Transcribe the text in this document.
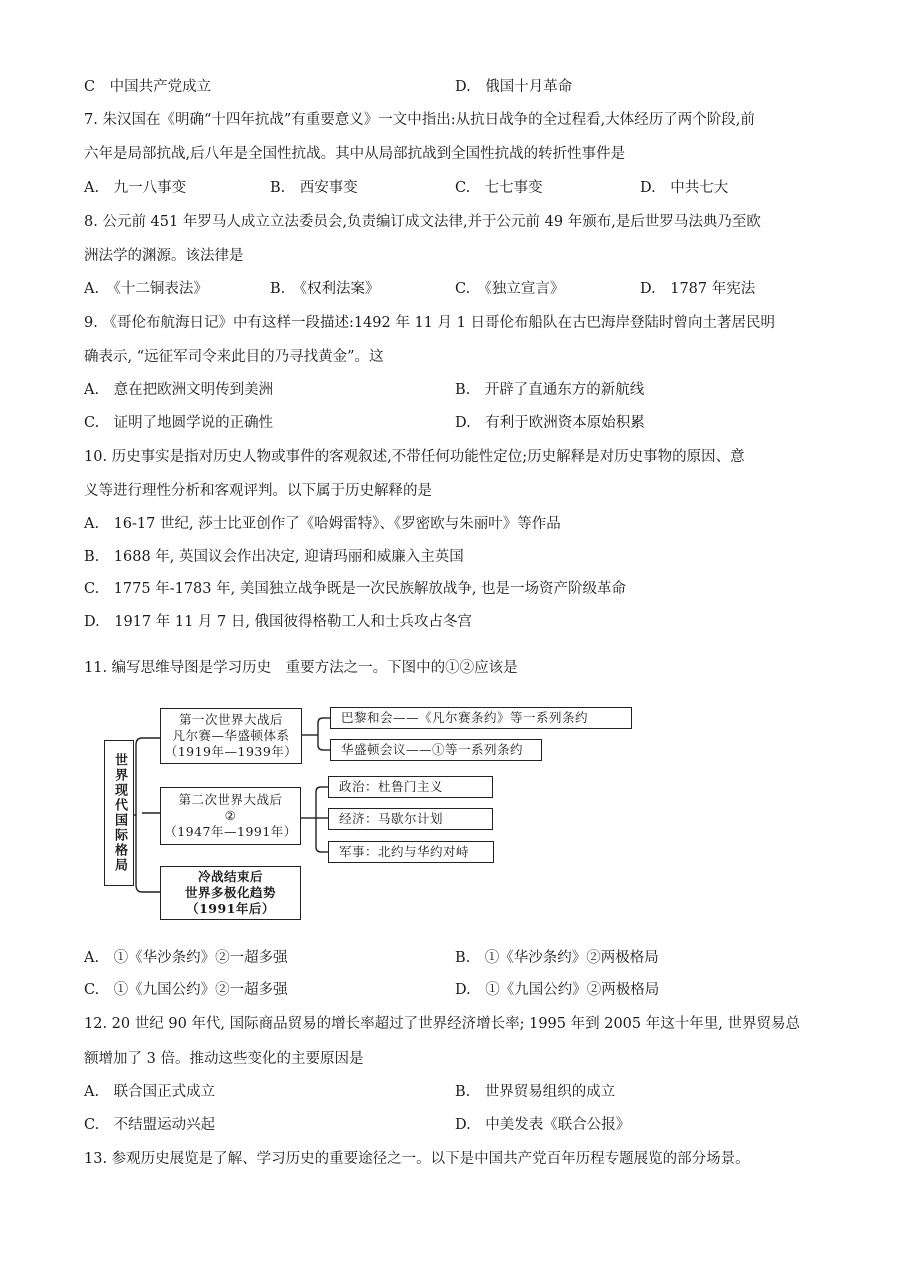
C　中国共产党成立	D.　俄国十月革命
7. 朱汉国在《明确“十四年抗战”有重要意义》一文中指出:从抗日战争的全过程看,大体经历了两个阶段,前
六年是局部抗战,后八年是全国性抗战。其中从局部抗战到全国性抗战的转折性事件是
A.　九一八事变	B.　西安事变	C.　七七事变	D.　中共七大
8. 公元前 451 年罗马人成立立法委员会,负责编订成文法律,并于公元前 49 年颁布,是后世罗马法典乃至欧
洲法学的渊源。该法律是
A.　《十二铜表法》	B.　《权利法案》	C.　《独立宣言》	D.　1787 年宪法
9. 《哥伦布航海日记》中有这样一段描述:1492 年 11 月 1 日哥伦布船队在古巴海岸登陆时曾向土著居民明
确表示, “远征军司令来此目的乃寻找黄金”。这
A.　意在把欧洲文明传到美洲	B.　开辟了直通东方的新航线
C.　证明了地圆学说的正确性	D.　有利于欧洲资本原始积累
10. 历史事实是指对历史人物或事件的客观叙述,不带任何功能性定位;历史解释是对历史事物的原因、意
义等进行理性分析和客观评判。以下属于历史解释的是
A.　16-17 世纪, 莎士比亚创作了《哈姆雷特》、《罗密欧与朱丽叶》等作品
B.　1688 年, 英国议会作出决定, 迎请玛丽和威廉入主英国
C.　1775 年-1783 年, 美国独立战争既是一次民族解放战争, 也是一场资产阶级革命
D.　1917 年 11 月 7 日, 俄国彼得格勒工人和士兵攻占冬宫
11. 编写思维导图是学习历史　重要方法之一。下图中的①②应该是
世界现代国际格局
第一次世界大战后
凡尔赛—华盛顿体系
（1919年—1939年）
巴黎和会——《凡尔赛条约》等一系列条约
华盛顿会议——①等一系列条约
第二次世界大战后
②
（1947年—1991年）
政治：杜鲁门主义
经济：马歇尔计划
军事：北约与华约对峙
冷战结束后
世界多极化趋势
（1991年后）
A.　①《华沙条约》②一超多强	B.　①《华沙条约》②两极格局
C.　①《九国公约》②一超多强	D.　①《九国公约》②两极格局
12. 20 世纪 90 年代, 国际商品贸易的增长率超过了世界经济增长率; 1995 年到 2005 年这十年里, 世界贸易总
额增加了 3 倍。推动这些变化的主要原因是
A.　联合国正式成立	B.　世界贸易组织的成立
C.　不结盟运动兴起	D.　中美发表《联合公报》
13. 参观历史展览是了解、学习历史的重要途径之一。以下是中国共产党百年历程专题展览的部分场景。
